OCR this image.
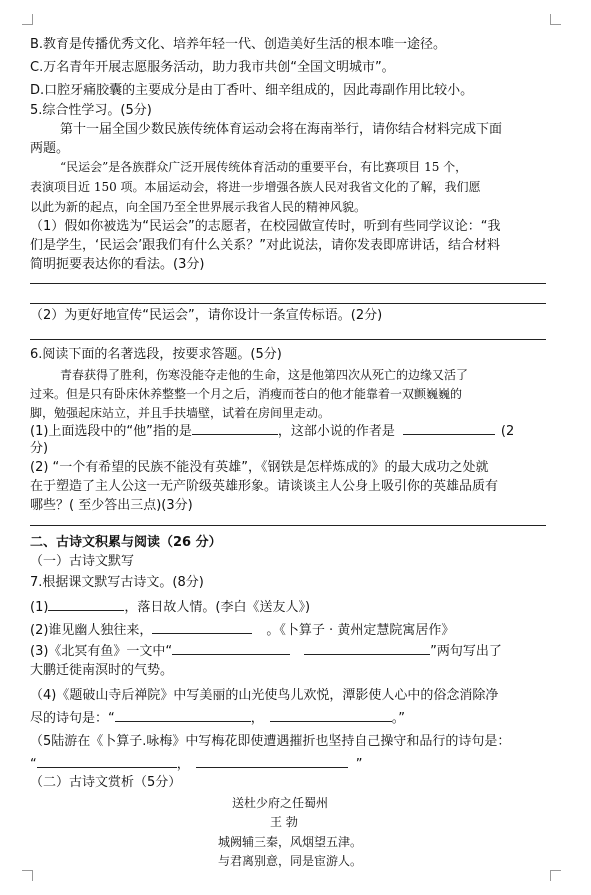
B.教育是传播优秀文化、培养年轻一代、创造美好生活的根本唯一途径。
C.万名青年开展志愿服务活动，助力我市共创“全国文明城市”。
D.口腔牙痛胶囊的主要成分是由丁香叶、细辛组成的，因此毒副作用比较小。
5.综合性学习。(5分)
第十一届全国少数民族传统体育运动会将在海南举行，请你结合材料完成下面
两题。
“民运会”是各族群众广泛开展传统体育活动的重要平台，有比赛项目 15 个，
表演项目近 150 项。本届运动会，将进一步增强各族人民对我省文化的了解，我们愿
以此为新的起点，向全国乃至全世界展示我省人民的精神风貌。
（1）假如你被选为“民运会”的志愿者，在校园做宣传时，听到有些同学议论：“我
们是学生，‘民运会’跟我们有什么关系？”对此说法，请你发表即席讲话，结合材料
简明扼要表达你的看法。(3分)
（2）为更好地宣传“民运会”，请你设计一条宣传标语。(2分)
6.阅读下面的名著选段，按要求答题。(5分)
青春获得了胜利，伤寒没能夺走他的生命，这是他第四次从死亡的边缘又活了
过来。但是只有卧床休养整整一个月之后，消瘦而苍白的他才能靠着一双颤巍巍的
脚，勉强起床站立，并且手扶墙壁，试着在房间里走动。
(1)上面选段中的“他”指的是	，这部小说的作者是	(2
分)
(2) “一个有希望的民族不能没有英雄”，《钢铁是怎样炼成的》的最大成功之处就
在于塑造了主人公这一无产阶级英雄形象。请谈谈主人公身上吸引你的英雄品质有
哪些？( 至少答出三点)(3分)
二、古诗文积累与阅读（26 分）
（一）古诗文默写
7.根据课文默写古诗文。(8分)
(1)	，落日故人情。(李白《送友人》)
(2)谁见幽人独往来，	。《卜算子 · 黄州定慧院寓居作》
(3)《北冥有鱼》一文中“	”两句写出了
大鹏迁徙南溟时的气势。
（4)《题破山寺后禅院》中写美丽的山光使鸟儿欢悦，潭影使人心中的俗念消除净
尽的诗句是：“	，	。”
（5陆游在《卜算子.咏梅》中写梅花即使遭遇摧折也坚持自己操守和品行的诗句是：
“	，	”
（二）古诗文赏析（5分）
送杜少府之任蜀州
王 勃
城阙辅三秦，风烟望五津。
与君离别意，同是宦游人。
